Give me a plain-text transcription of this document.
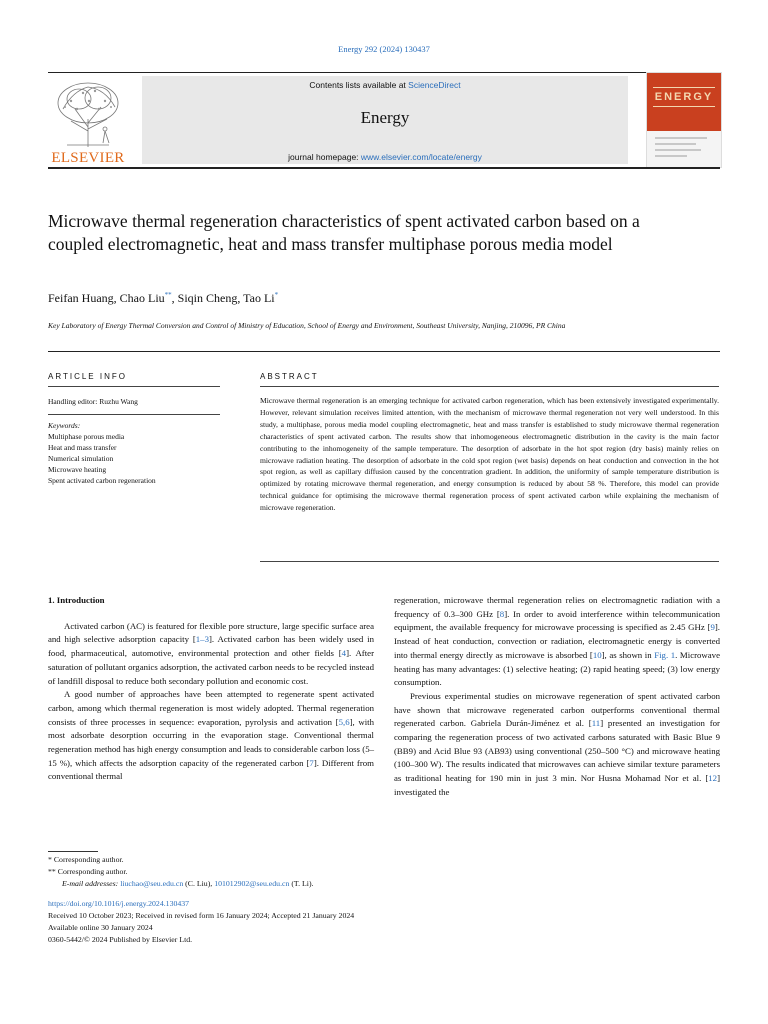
Energy 292 (2024) 130437
ELSEVIER
Contents lists available at ScienceDirect
Energy
journal homepage: www.elsevier.com/locate/energy
ENERGY
Microwave thermal regeneration characteristics of spent activated carbon based on a coupled electromagnetic, heat and mass transfer multiphase porous media model
Feifan Huang, Chao Liu**, Siqin Cheng, Tao Li*
Key Laboratory of Energy Thermal Conversion and Control of Ministry of Education, School of Energy and Environment, Southeast University, Nanjing, 210096, PR China
ARTICLE INFO
Handling editor: Ruzhu Wang
Keywords:
Multiphase porous media
Heat and mass transfer
Numerical simulation
Microwave heating
Spent activated carbon regeneration
ABSTRACT
Microwave thermal regeneration is an emerging technique for activated carbon regeneration, which has been extensively investigated experimentally. However, relevant simulation receives limited attention, with the mechanism of microwave thermal regeneration not very well understood. In this study, a multiphase, porous media model coupling electromagnetic, heat and mass transfer is established to study microwave thermal regeneration characteristics of spent activated carbon. The results show that inhomogeneous electromagnetic distribution in the cavity is the main factor contributing to the inhomogeneity of the sample temperature. The desorption of adsorbate in the hot spot region (dry basis) mainly relies on microwave radiation heating. The desorption of adsorbate in the cold spot region (wet basis) depends on heat conduction and convection in the hot spot region, as well as capillary diffusion caused by the concentration gradient. In addition, the uniformity of sample temperature distribution is optimized by rotating microwave thermal regeneration, and energy consumption is reduced by about 58 %. Therefore, this model can provide technical guidance for optimising the microwave thermal regeneration process of spent activated carbon while explaining the mechanism of microwave regeneration.

1. Introduction

Activated carbon (AC) is featured for flexible pore structure, large specific surface area and high selective adsorption capacity [1–3]. Activated carbon has been widely used in food, pharmaceutical, automotive, environmental protection and other fields [4]. After saturation of pollutant organics adsorption, the activated carbon needs to be recycled instead of landfill disposal to reduce both secondary pollution and economic cost.

A good number of approaches have been attempted to regenerate spent activated carbon, among which thermal regeneration is most widely adopted. Thermal regeneration consists of three processes in sequence: evaporation, pyrolysis and activation [5,6], with most adsorbate desorption occurring in the evaporation stage. Conventional thermal regeneration method has high energy consumption and leads to considerable carbon loss (5–15 %), which affects the adsorption capacity of the regenerated carbon [7]. Different from conventional thermal

regeneration, microwave thermal regeneration relies on electromagnetic radiation with a frequency of 0.3–300 GHz [8]. In order to avoid interference within telecommunication equipment, the available frequency for microwave processing is specified as 2.45 GHz [9]. Instead of heat conduction, convection or radiation, electromagnetic energy is converted into thermal energy directly as microwave is absorbed [10], as shown in Fig. 1. Microwave heating has many advantages: (1) selective heating; (2) rapid heating speed; (3) low energy consumption.

Previous experimental studies on microwave regeneration of spent activated carbon have shown that microwave regenerated carbon outperforms conventional thermal regenerated carbon. Gabriela Durán-Jiménez et al. [11] presented an investigation for comparing the regeneration process of two activated carbons saturated with Basic Blue 9 (BB9) and Acid Blue 93 (AB93) using conventional (250–500 °C) and microwave heating (100–300 W). The results indicated that microwaves can achieve similar texture parameters as traditional heating for 190 min in just 3 min. Nor Husna Mohamad Nor et al. [12] investigated the

* Corresponding author.
** Corresponding author.
E-mail addresses: liuchao@seu.edu.cn (C. Liu), 101012902@seu.edu.cn (T. Li).
https://doi.org/10.1016/j.energy.2024.130437
Received 10 October 2023; Received in revised form 16 January 2024; Accepted 21 January 2024
Available online 30 January 2024
0360-5442/© 2024 Published by Elsevier Ltd.
